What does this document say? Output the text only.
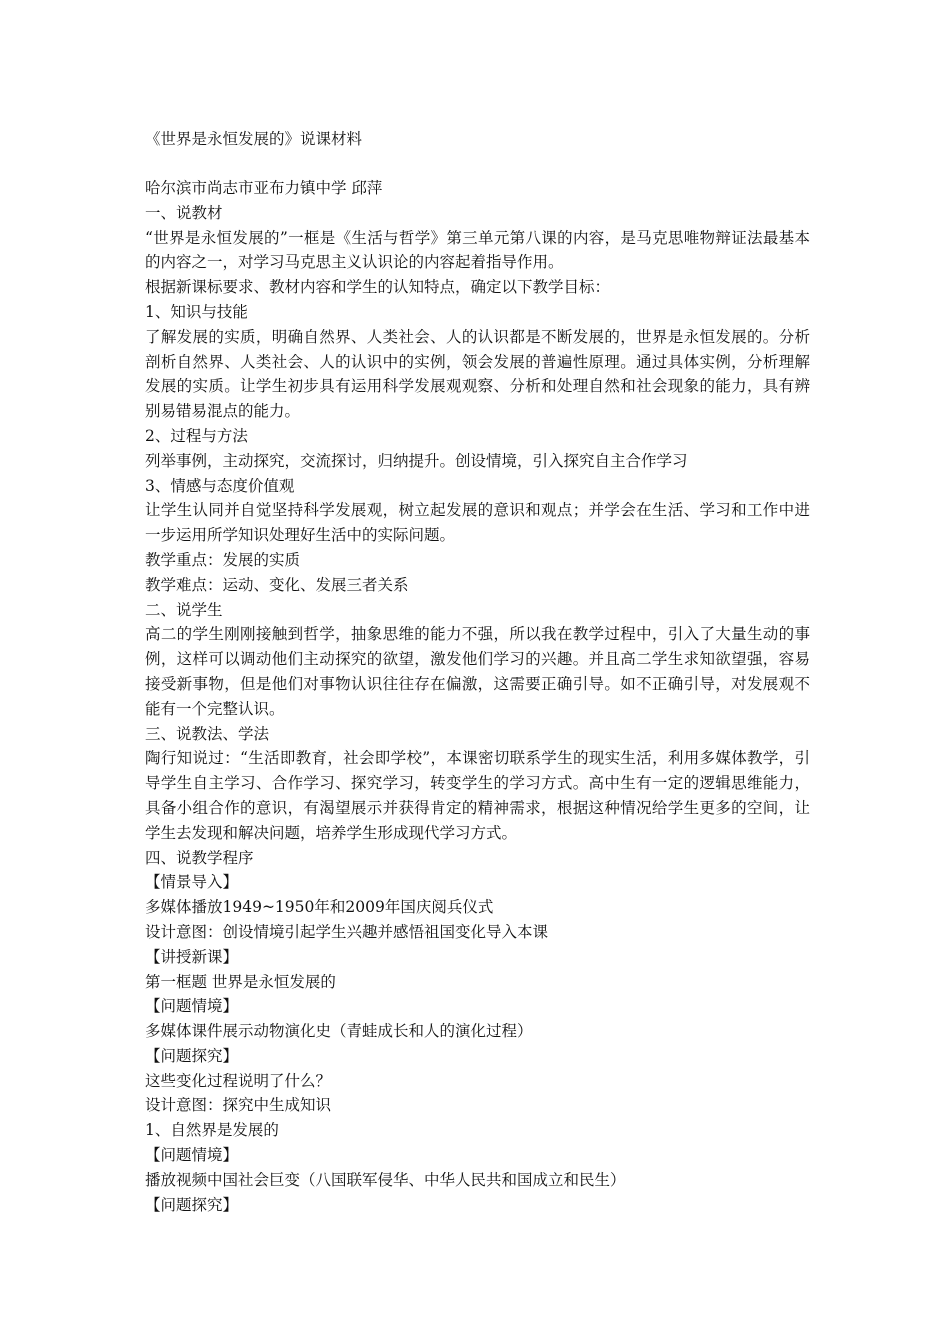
《世界是永恒发展的》说课材料

哈尔滨市尚志市亚布力镇中学 邱萍

一、说教材

“世界是永恒发展的”一框是《生活与哲学》第三单元第八课的内容，是马克思唯物辩证法最基本的内容之一，对学习马克思主义认识论的内容起着指导作用。

根据新课标要求、教材内容和学生的认知特点，确定以下教学目标：

1、知识与技能

了解发展的实质，明确自然界、人类社会、人的认识都是不断发展的，世界是永恒发展的。分析剖析自然界、人类社会、人的认识中的实例，领会发展的普遍性原理。通过具体实例，分析理解发展的实质。让学生初步具有运用科学发展观观察、分析和处理自然和社会现象的能力，具有辨别易错易混点的能力。

2、过程与方法

列举事例，主动探究，交流探讨，归纳提升。创设情境，引入探究自主合作学习

3、情感与态度价值观

让学生认同并自觉坚持科学发展观，树立起发展的意识和观点；并学会在生活、学习和工作中进一步运用所学知识处理好生活中的实际问题。

教学重点：发展的实质

教学难点：运动、变化、发展三者关系

二、说学生

高二的学生刚刚接触到哲学，抽象思维的能力不强，所以我在教学过程中，引入了大量生动的事例，这样可以调动他们主动探究的欲望，激发他们学习的兴趣。并且高二学生求知欲望强，容易接受新事物，但是他们对事物认识往往存在偏激，这需要正确引导。如不正确引导，对发展观不能有一个完整认识。

三、说教法、学法

陶行知说过：“生活即教育，社会即学校”，本课密切联系学生的现实生活，利用多媒体教学，引导学生自主学习、合作学习、探究学习，转变学生的学习方式。高中生有一定的逻辑思维能力，具备小组合作的意识，有渴望展示并获得肯定的精神需求，根据这种情况给学生更多的空间，让学生去发现和解决问题，培养学生形成现代学习方式。

四、说教学程序

【情景导入】

多媒体播放1949~1950年和2009年国庆阅兵仪式

设计意图：创设情境引起学生兴趣并感悟祖国变化导入本课

【讲授新课】

第一框题 世界是永恒发展的

【问题情境】

多媒体课件展示动物演化史（青蛙成长和人的演化过程）

【问题探究】

这些变化过程说明了什么？

设计意图：探究中生成知识

1、自然界是发展的

【问题情境】

播放视频中国社会巨变（八国联军侵华、中华人民共和国成立和民生）

【问题探究】
